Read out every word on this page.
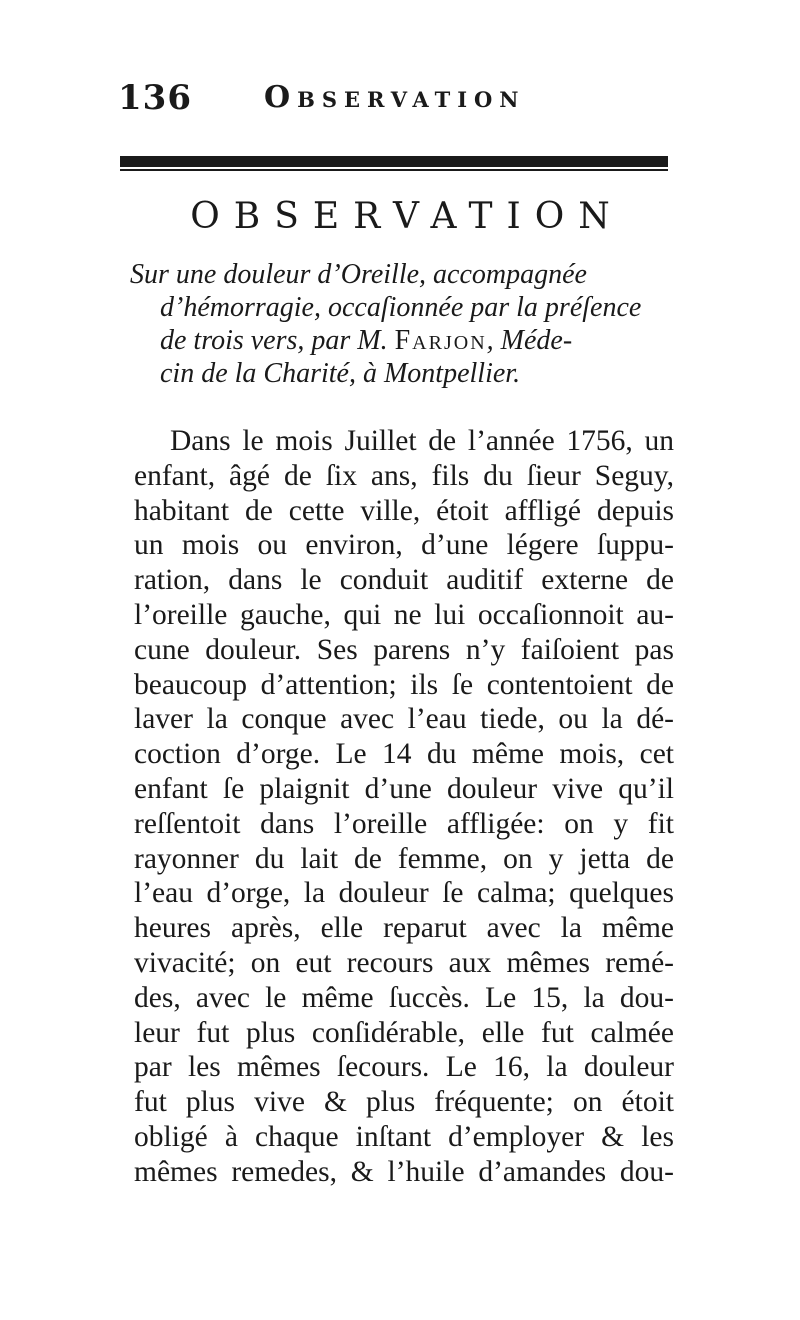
136 Observation
OBSERVATION
Sur une douleur d’Oreille, accompagnée
d’hémorragie, occaſionnée par la préſence
de trois vers, par M. Farjon, Méde-
cin de la Charité, à Montpellier.
Dans le mois Juillet de l’année 1756, un
enfant, âgé de ſix ans, fils du ſieur Seguy,
habitant de cette ville, étoit affligé depuis
un mois ou environ, d’une légere ſuppu-
ration, dans le conduit auditif externe de
l’oreille gauche, qui ne lui occaſionnoit au-
cune douleur. Ses parens n’y faiſoient pas
beaucoup d’attention; ils ſe contentoient de
laver la conque avec l’eau tiede, ou la dé-
coction d’orge. Le 14 du même mois, cet
enfant ſe plaignit d’une douleur vive qu’il
reſſentoit dans l’oreille affligée: on y fit
rayonner du lait de femme, on y jetta de
l’eau d’orge, la douleur ſe calma; quelques
heures après, elle reparut avec la même
vivacité; on eut recours aux mêmes remé-
des, avec le même ſuccès. Le 15, la dou-
leur fut plus conſidérable, elle fut calmée
par les mêmes ſecours. Le 16, la douleur
fut plus vive & plus fréquente; on étoit
obligé à chaque inſtant d’employer & les
mêmes remedes, & l’huile d’amandes dou-
